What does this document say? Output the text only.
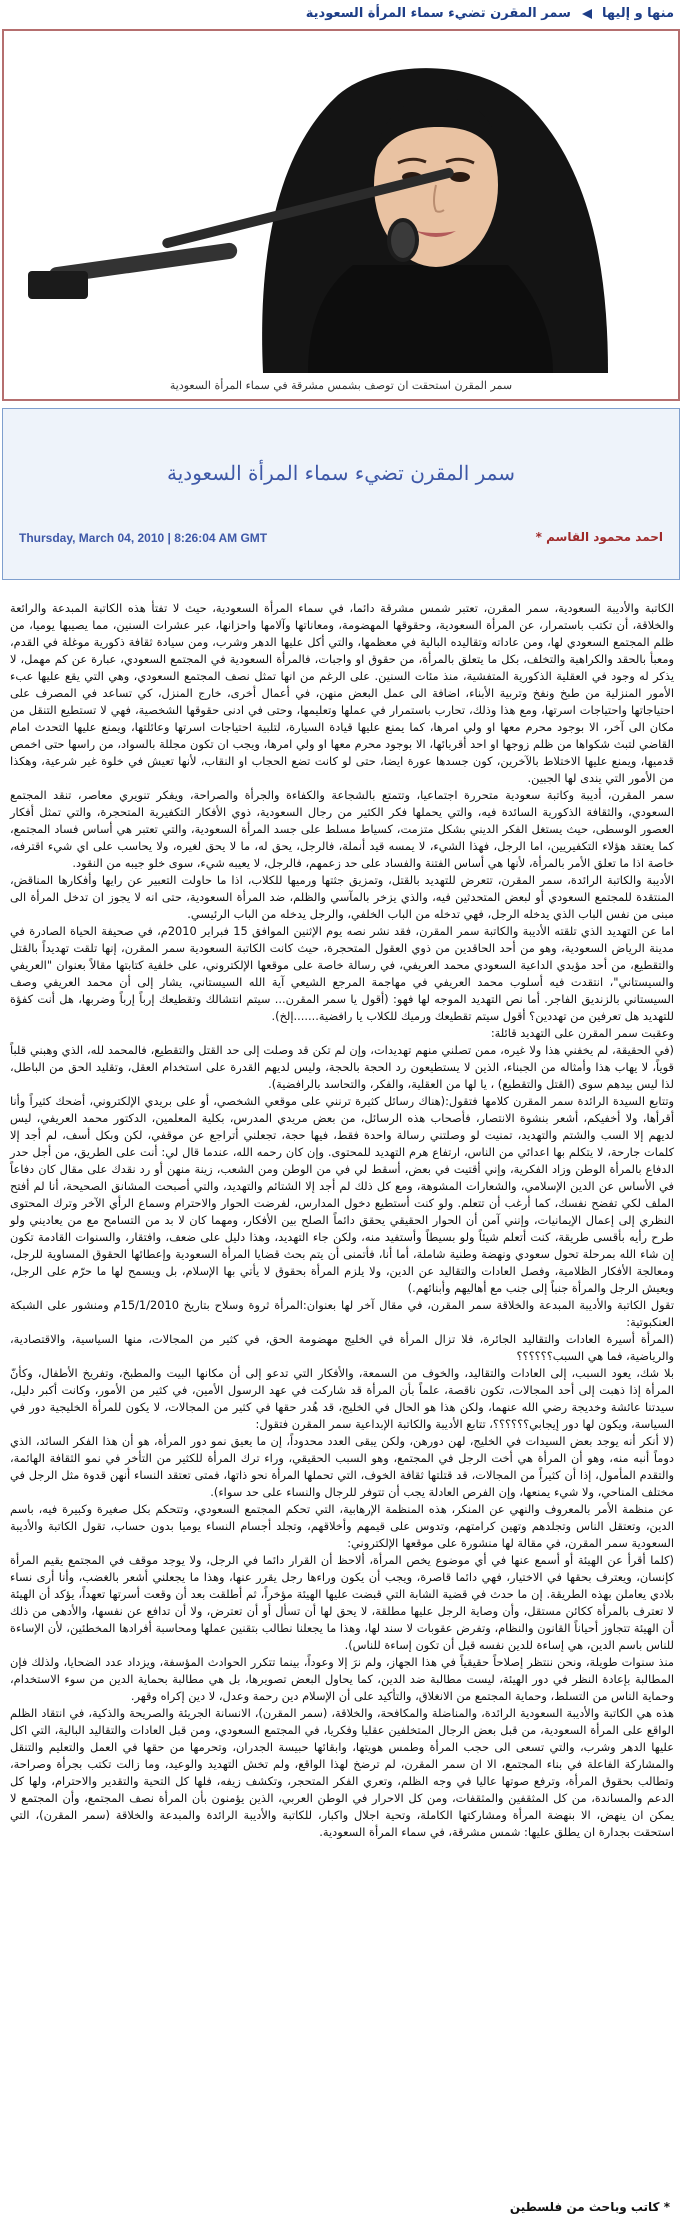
منها و إليها
سمر المقرن تضيء سماء المرأة السعودية
سمر المقرن استحقت ان توصف بشمس مشرقة في سماء المرأة السعودية
سمر المقرن تضيء سماء المرأة السعودية
Thursday, March 04, 2010 | 8:26:04 AM GMT	احمد محمود القاسم *

الكاتبة والأديبة السعودية، سمر المقرن، تعتبر شمس مشرقة دائما، في سماء المرأة السعودية، حيث لا تفتأ هذه الكاتبة المبدعة والرائعة والخلاقة، أن تكتب باستمرار، عن المرأة السعودية، وحقوقها المهضومة، ومعاناتها وآلامها واحزانها، عبر عشرات السنين، مما يصيبها يوميا، من ظلم المجتمع السعودي لها، ومن عاداته وتقاليده البالية في معظمها، والتي أكل عليها الدهر وشرب، ومن سيادة ثقافة ذكورية موغلة في القدم، ومعبأ بالحقد والكراهية والتخلف، بكل ما يتعلق بالمرأة، من حقوق او واجبات، فالمرأة السعودية في المجتمع السعودي، عبارة عن كم مهمل، لا يذكر له وجود في العقلية الذكورية المتفشية، منذ مئات السنين. على الرغم من انها تمثل نصف المجتمع السعودي، وهي التي يقع عليها عبء الأمور المنزلية من طبخ ونفخ وتربية الأبناء، اضافة الى عمل البعض منهن، في أعمال أخرى، خارج المنزل، كي تساعد في المصرف على احتياجاتها واحتياجات اسرتها، ومع هذا وذلك، تحارب باستمرار في عملها وتعليمها، وحتى في ادنى حقوقها الشخصية، فهي لا تستطيع التنقل من مكان الى آخر، الا بوجود محرم معها او ولي امرها، كما يمنع عليها قيادة السيارة، لتلبية احتياجات اسرتها وعائلتها، ويمنع عليها التحدث امام القاضي لتبث شكواها من ظلم زوجها او احد أقربائها، الا بوجود محرم معها او ولي امرها، ويجب ان تكون مجللة بالسواد، من راسها حتى اخمص قدميها، ويمنع عليها الاختلاط بالآخرين، كون جسدها عورة ايضا، حتى لو كانت تضع الحجاب او النقاب، لأنها تعيش في خلوة غير شرعية، وهكذا من الأمور التي يندى لها الجبين.

سمر المقرن، أديبة وكاتبة سعودية متحررة اجتماعيا، وتتمتع بالشجاعة والكفاءة والجرأة والصراحة، ويفكر تنويري معاصر، تنقد المجتمع السعودي، والثقافة الذكورية السائدة فيه، والتي يحملها فكر الكثير من رجال السعودية، ذوي الأفكار التكفيرية المتحجرة، والتي تمثل أفكار العصور الوسطى، حيث يستغل الفكر الديني بشكل متزمت، كسياط مسلط على جسد المرأة السعودية، والتي تعتبر هي أساس فساد المجتمع، كما يعتقد هؤلاء التكفيريين، اما الرجل، فهذا الشيء، لا يمسه قيد أنملة، فالرجل، يحق له، ما لا يحق لغيره، ولا يحاسب على اي شيء اقترفه، خاصة اذا ما تعلق الأمر بالمرأة، لأنها هي أساس الفتنة والفساد على حد زعمهم، فالرجل، لا يعيبه شيء، سوى خلو جيبه من النقود.

الأديبة والكاتبة الرائدة، سمر المقرن، تتعرض للتهديد بالقتل، وتمزيق جثتها ورميها للكلاب، اذا ما حاولت التعبير عن رايها وأفكارها المناقض، المنتقدة للمجتمع السعودي أو لبعض المتحدثين فيه، والذي يزخر بالمآسي والظلم، ضد المرأة السعودية، حتى انه لا يجوز ان تدخل المرأة الى مبنى من نفس الباب الذي يدخله الرجل، فهي تدخله من الباب الخلفي، والرجل يدخله من الباب الرئيسي.

اما عن التهديد الذي تلقته الأديبة والكاتبة سمر المقرن، فقد نشر نصه يوم الإثنين الموافق 15 فبراير 2010م، في صحيفة الحياة الصادرة في مدينة الرياض السعودية، وهو من أحد الحاقدين من ذوي العقول المتحجرة، حيث كانت الكاتبة السعودية سمر المقرن، إنها تلقت تهديداً بالقتل والتقطيع، من أحد مؤيدي الداعية السعودي محمد العريفي، في رسالة خاصة على موقعها الإلكتروني، على خلفية كتابتها مقالاً بعنوان "العريفي والسيستاني"، انتقدت فيه أسلوب محمد العريفي في مهاجمة المرجع الشيعي آية الله السيستاني، يشار إلى أن محمد العريفي وصف السيستاني بالزنديق الفاجر. أما نص التهديد الموجه لها فهو: (أقول يا سمر المقرن... سيتم انتشالك وتقطيعك إرباً إرباً وضربها، هل أنت كفؤة للتهديد هل تعرفين من تهددين؟ أقول سيتم تقطيعك ورميك للكلاب يا رافضية.......إلخ).

وعقبت سمر المقرن على التهديد قائلة:

(في الحقيقة، لم يخفني هذا ولا غيره، ممن تصلني منهم تهديدات، وإن لم تكن قد وصلت إلى حد القتل والتقطيع، فالمحمد لله، الذي وهبني قلباً قوياً، لا يهاب هذا وأمثاله من الجبناء، الذين لا يستطيعون رد الحجة بالحجة، وليس لديهم القدرة على استخدام العقل، وتقليد الحق من الباطل، لذا ليس بيدهم سوى (القتل والتقطيع) ، يا لها من العقلية، والفكر، والتحاسد بالرافضية).

وتتابع السيدة الرائدة سمر المقرن كلامها فتقول:(هناك رسائل كثيرة ترنني على موقعي الشخصي، أو على بريدي الإلكتروني، أضحك كثيراً وأنا أقرأها، ولا أخفيكم، أشعر بنشوة الانتصار، فأصحاب هذه الرسائل، من بعض مريدي المدرس، بكلية المعلمين، الدكتور محمد العريفي، ليس لديهم إلا السب والشتم والتهديد، تمنيت لو وصلتني رسالة واحدة فقط، فيها حجة، تجعلني أتراجع عن موقفي، لكن وبكل أسف، لم أجد إلا كلمات جارحة، لا يتكلم بها اعدائي من الناس، ارتفاع هرم التهديد للمحتوى. وإن كان رحمه الله، عندما قال لي: أنت على الطريق، من أجل حدر الدفاع بالمرأة الوطن وزاد الفكرية، وإني أقتيت في بعض، أسقط لي في من الوطن ومن الشعب، زينة منهن أو رد نقدك على مقال كان دفاعاً في الأساس عن الدين الإسلامي، والشعارات المشوهة، ومع كل ذلك لم أجد إلا الشتائم والتهديد، والتي أصبحت المشانق الصحيحة، أنا لم أفتح الملف لكي تفضح نفسك، كما أرغب أن تتعلم. ولو كنت أستطيع دخول المدارس، لفرضت الحوار والاحترام وسماع الرأي الآخر وترك المحتوى النظري إلى إعمال الإيمانيات، وإنني آمن أن الحوار الحقيقي يحقق دائماً الصلح بين الأفكار، ومهما كان لا بد من التسامح مع من يعاديني ولو طرح رأيه بأقسى طريقة، كنت أتعلم شيئاً ولو بسيطاً وأستفيد منه، ولكن جاء التهديد، وهذا دليل على ضعف، وافتقار، والسنوات القادمة تكون إن شاء الله بمرحلة تحول سعودي ونهضة وطنية شاملة، أما أنا، فأتمنى أن يتم بحث قضايا المرأة السعودية وإعطائها الحقوق المساوية للرجل، ومعالجة الأفكار الظلامية، وفصل العادات والتقاليد عن الدين، ولا يلزم المرأة بحقوق لا يأتي بها الإسلام، بل ويسمح لها ما حرّم على الرجل، ويعيش الرجل والمرأة جنباً إلى جنب مع أهاليهم وأبنائهم.)

تقول الكاتبة والأديبة المبدعة والخلاقة سمر المقرن، في مقال آخر لها بعنوان:المرأة ثروة وسلاح بتاريخ 15/1/2010م ومنشور على الشبكة العنكبوتية:

(المرأة أسيرة العادات والتقاليد الجائرة، فلا تزال المرأة في الخليج مهضومة الحق، في كثير من المجالات، منها السياسية، والاقتصادية، والرياضية، فما هي السبب؟؟؟؟؟؟

بلا شك، يعود السبب، إلى العادات والتقاليد، والخوف من السمعة، والأفكار التي تدعو إلى أن مكانها البيت والمطبخ، وتفريخ الأطفال، وكأنّ المرأة إذا ذهبت إلى أحد المجالات، تكون ناقصة، علماً بأن المرأة قد شاركت في عهد الرسول الأمين، في كثير من الأمور، وكانت أكبر دليل، سيدتنا عائشة وخديجة رضي الله عنهما، ولكن هذا هو الحال في الخليج، قد هُدر حقها في كثير من المجالات، لا يكون للمرأة الخليجية دور في السياسة، ويكون لها دور إيجابي؟؟؟؟؟؟، تتابع الأديبة والكاتبة الإبداعية سمر المقرن فتقول:

(لا أنكر أنه يوجد بعض السيدات في الخليج، لهن دورهن، ولكن يبقى العدد محدوداً، إن ما يعيق نمو دور المرأة، هو أن هذا الفكر السائد، الذي دوماً أنبه منه، وهو أن المرأة هي أخت الرجل في المجتمع، وهو السبب الحقيقي، وراء ترك المرأة للكثير من التأخر في نمو الثقافة الهائمة، والتقدم المأمول، إذا أن كثيراً من المجالات، قد قتلتها ثقافة الخوف، التي تحملها المرأة نحو ذاتها، فمتى تعتقد النساء أنهن قدوة مثل الرجل في مختلف المناحي، ولا شيء يمنعها، وإن الفرص العادلة يجب أن تتوفر للرجال والنساء على حد سواء).

عن منظمة الأمر بالمعروف والنهي عن المنكر، هذه المنظمة الإرهابية، التي تحكم المجتمع السعودي، وتتحكم بكل صغيرة وكبيرة فيه، باسم الدين، وتعتقل الناس وتجلدهم وتهين كرامتهم، وتدوس على قيمهم وأخلاقهم، وتجلد أجسام النساء يوميا بدون حساب، تقول الكاتبة والأديبة السعودية سمر المقرن، في مقالة لها منشورة على موقعها الإلكتروني:

(كلما أقرأ عن الهيئة أو أسمع عنها في أي موضوع يخص المرأة، ألاحظ أن القرار دائما في الرجل، ولا يوجد موقف في المجتمع يقيم المرأة كإنسان، ويعترف بحقها في الاختيار، فهي دائما قاصرة، ويجب أن يكون وراءها رجل يقرر عنها، وهذا ما يجعلني أشعر بالغضب، وأنا أرى نساء بلادي يعاملن بهذه الطريقة. إن ما حدث في قضية الشابة التي قبضت عليها الهيئة مؤخراً، ثم أطلقت بعد أن وقعت أسرتها تعهداً، يؤكد أن الهيئة لا تعترف بالمرأة ككائن مستقل، وأن وصاية الرجل عليها مطلقة، لا يحق لها أن تسأل أو أن تعترض، ولا أن تدافع عن نفسها، والأدهى من ذلك أن الهيئة تتجاوز أحياناً القانون والنظام، وتفرض عقوبات لا سند لها، وهذا ما يجعلنا نطالب بتقنين عملها ومحاسبة أفرادها المخطئين، لأن الإساءة للناس باسم الدين، هي إساءة للدين نفسه قبل أن تكون إساءة للناس).

منذ سنوات طويلة، ونحن ننتظر إصلاحاً حقيقياً في هذا الجهاز، ولم نرَ إلا وعوداً، بينما تتكرر الحوادث المؤسفة، ويزداد عدد الضحايا، ولذلك فإن المطالبة بإعادة النظر في دور الهيئة، ليست مطالبة ضد الدين، كما يحاول البعض تصويرها، بل هي مطالبة بحماية الدين من سوء الاستخدام، وحماية الناس من التسلط، وحماية المجتمع من الانغلاق، والتأكيد على أن الإسلام دين رحمة وعدل، لا دين إكراه وقهر.

هذه هي الكاتبة والأديبة السعودية الرائدة، والمناضلة والمكافحة، والخلاقة، (سمر المقرن)، الانسانة الجريئة والصريحة والذكية، في انتقاد الظلم الواقع على المرأة السعودية، من قبل بعض الرجال المتخلفين عقليا وفكريا، في المجتمع السعودي، ومن قبل العادات والتقاليد البالية، التي اكل عليها الدهر وشرب، والتي تسعى الى حجب المرأة وطمس هويتها، وابقائها حبيسة الجدران، وتحرمها من حقها في العمل والتعليم والتنقل والمشاركة الفاعلة في بناء المجتمع، الا ان سمر المقرن، لم ترضخ لهذا الواقع، ولم تخش التهديد والوعيد، وما زالت تكتب بجرأة وصراحة، وتطالب بحقوق المرأة، وترفع صوتها عاليا في وجه الظلم، وتعري الفكر المتحجر، وتكشف زيفه، فلها كل التحية والتقدير والاحترام، ولها كل الدعم والمساندة، من كل المثقفين والمثقفات، ومن كل الاحرار في الوطن العربي، الذين يؤمنون بأن المرأة نصف المجتمع، وأن المجتمع لا يمكن ان ينهض، الا بنهضة المرأة ومشاركتها الكاملة، وتحية اجلال واكبار، للكاتبة والأديبة الرائدة والمبدعة والخلاقة (سمر المقرن)، التي استحقت بجدارة ان يطلق عليها: شمس مشرقة، في سماء المرأة السعودية.

* كاتب وباحث من فلسطين
